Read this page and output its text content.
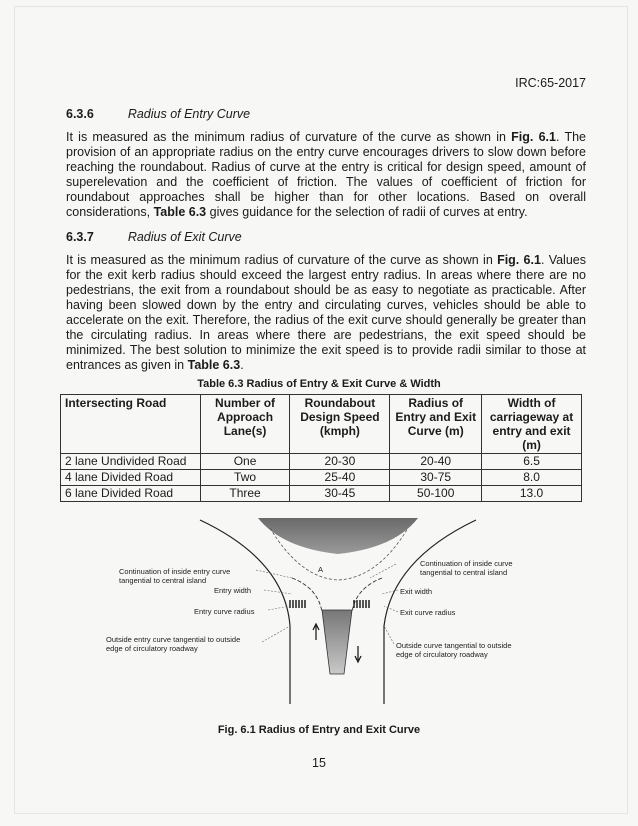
IRC:65-2017
6.3.6	Radius of Entry Curve
It is measured as the minimum radius of curvature of the curve as shown in Fig. 6.1. The provision of an appropriate radius on the entry curve encourages drivers to slow down before reaching the roundabout. Radius of curve at the entry is critical for design speed, amount of superelevation and the coefficient of friction. The values of coefficient of friction for roundabout approaches shall be higher than for other locations. Based on overall considerations, Table 6.3 gives guidance for the selection of radii of curves at entry.
6.3.7	Radius of Exit Curve
It is measured as the minimum radius of curvature of the curve as shown in Fig. 6.1. Values for the exit kerb radius should exceed the largest entry radius. In areas where there are no pedestrians, the exit from a roundabout should be as easy to negotiate as practicable. After having been slowed down by the entry and circulating curves, vehicles should be able to accelerate on the exit. Therefore, the radius of the exit curve should generally be greater than the circulating radius. In areas where there are pedestrians, the exit speed should be minimized. The best solution to minimize the exit speed is to provide radii similar to those at entrances as given in Table 6.3.
Table 6.3 Radius of Entry & Exit Curve & Width
Intersecting Road	Number of Approach Lane(s)	Roundabout Design Speed (kmph)	Radius of Entry and Exit Curve (m)	Width of carriageway at entry and exit (m)
2 lane Undivided Road	One	20-30	20-40	6.5
4 lane Divided Road	Two	25-40	30-75	8.0
6 lane Divided Road	Three	30-45	50-100	13.0
A
Continuation of inside entry curve
tangential to central island
Entry width
Entry curve radius
Outside entry curve tangential to outside
edge of circulatory roadway
Continuation of inside curve
tangential to central island
Exit width
Exit curve radius
Outside curve tangential to outside
edge of circulatory roadway
Fig. 6.1 Radius of Entry and Exit Curve
15
